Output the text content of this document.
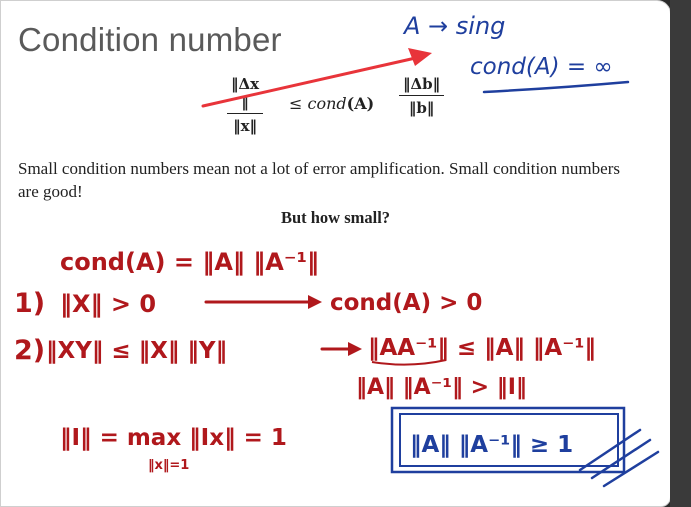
Condition number
$\frac{‖\Delta x ‖}{‖x‖}$ ≤ cond(A) $\frac{‖\Delta b‖}{‖b‖}$

Small condition numbers mean not a lot of error amplification. Small condition numbers are good!

But how small?
A → sing
cond(A) = ∞
cond(A) = ‖A‖ ‖A⁻¹‖
1) ‖X‖ > 0	cond(A) > 0
2) ‖XY‖ ≤ ‖X‖ ‖Y‖	‖AA⁻¹‖ ≤ ‖A‖ ‖A⁻¹‖
‖A‖ ‖A⁻¹‖ > ‖I‖
‖I‖ = max ‖Ix‖ = 1
‖x‖=1
‖A‖ ‖A⁻¹‖ ≥ 1
